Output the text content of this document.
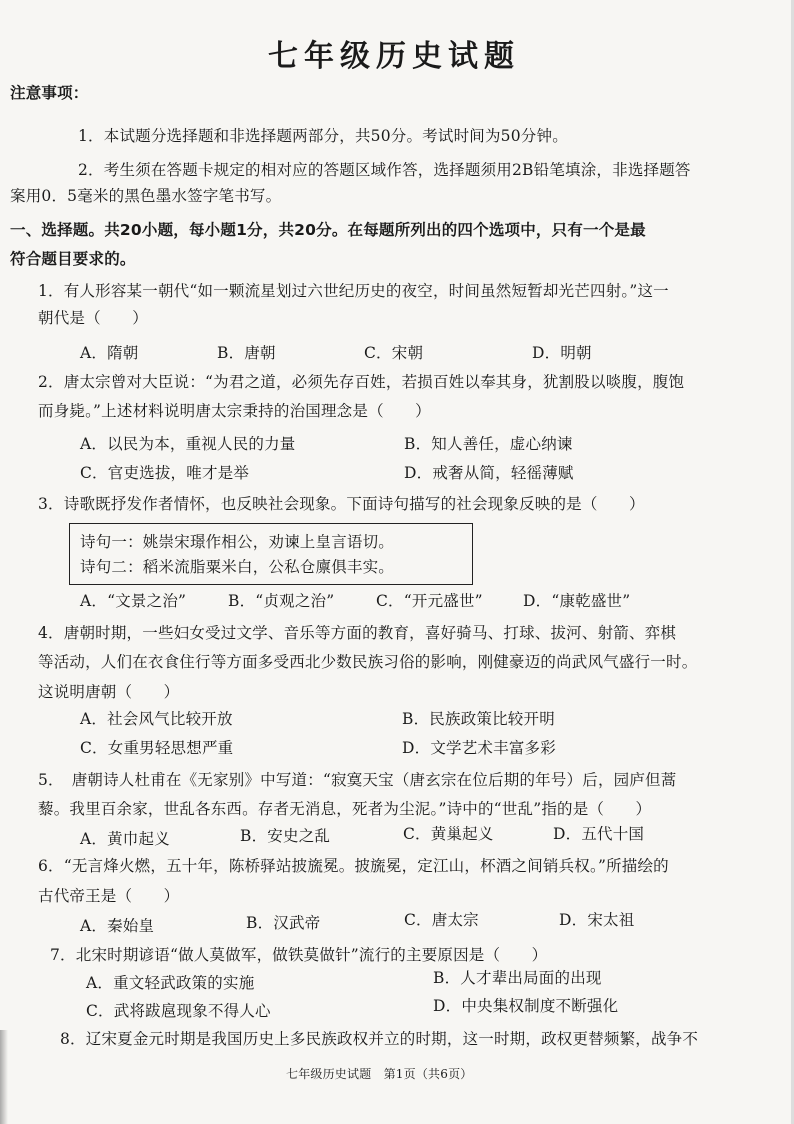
七年级历史试题
注意事项：
1．本试题分选择题和非选择题两部分，共50分。考试时间为50分钟。
2．考生须在答题卡规定的相对应的答题区域作答，选择题须用2B铅笔填涂，非选择题答
案用0．5毫米的黑色墨水签字笔书写。
一、选择题。共20小题，每小题1分，共20分。在每题所列出的四个选项中，只有一个是最
符合题目要求的。
1．有人形容某一朝代“如一颗流星划过六世纪历史的夜空，时间虽然短暂却光芒四射。”这一
朝代是（　　）
A．隋朝	B．唐朝	C．宋朝	D．明朝
2．唐太宗曾对大臣说：“为君之道，必须先存百姓，若损百姓以奉其身，犹割股以啖腹，腹饱
而身毙。”上述材料说明唐太宗秉持的治国理念是（　　）
A．以民为本，重视人民的力量	B．知人善任，虚心纳谏
C．官吏选拔，唯才是举	D．戒奢从简，轻徭薄赋
3．诗歌既抒发作者情怀，也反映社会现象。下面诗句描写的社会现象反映的是（　　）
诗句一：姚崇宋璟作相公，劝谏上皇言语切。
诗句二：稻米流脂粟米白，公私仓廪俱丰实。
A．“文景之治”	B．“贞观之治”	C．“开元盛世”	D．“康乾盛世”
4．唐朝时期，一些妇女受过文学、音乐等方面的教育，喜好骑马、打球、拔河、射箭、弈棋
等活动，人们在衣食住行等方面多受西北少数民族习俗的影响，刚健豪迈的尚武风气盛行一时。
这说明唐朝（　　）
A．社会风气比较开放	B．民族政策比较开明
C．女重男轻思想严重	D．文学艺术丰富多彩
5．　唐朝诗人杜甫在《无家别》中写道：“寂寞天宝（唐玄宗在位后期的年号）后，园庐但蒿
藜。我里百余家，世乱各东西。存者无消息，死者为尘泥。”诗中的“世乱”指的是（　　）
A．黄巾起义	B．安史之乱	C．黄巢起义	D．五代十国
6．“无言烽火燃，五十年，陈桥驿站披旒冕。披旒冕，定江山，杯酒之间销兵权。”所描绘的
古代帝王是（　　）
A．秦始皇	B．汉武帝	C．唐太宗	D．宋太祖
7．北宋时期谚语“做人莫做军，做铁莫做针”流行的主要原因是（　　）
A．重文轻武政策的实施	B．人才辈出局面的出现
C．武将跋扈现象不得人心	D．中央集权制度不断强化
8．辽宋夏金元时期是我国历史上多民族政权并立的时期，这一时期，政权更替频繁，战争不
七年级历史试题　第1页（共6页）
